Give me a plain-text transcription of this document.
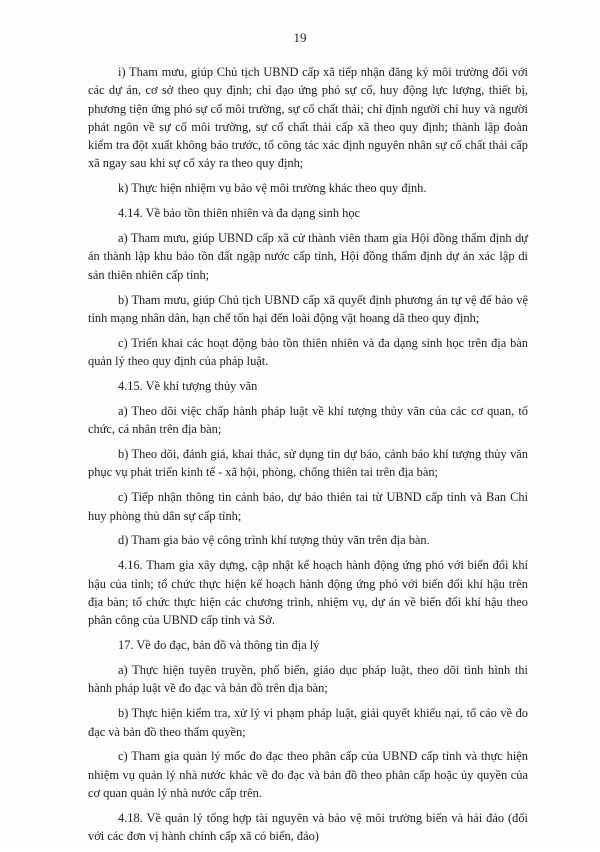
19

i) Tham mưu, giúp Chủ tịch UBND cấp xã tiếp nhận đăng ký môi trường đối với các dự án, cơ sở theo quy định; chỉ đạo ứng phó sự cố, huy động lực lượng, thiết bị, phương tiện ứng phó sự cố môi trường, sự cố chất thải; chỉ định người chỉ huy và người phát ngôn về sự cố môi trường, sự cố chất thải cấp xã theo quy định; thành lập đoàn kiểm tra đột xuất không báo trước, tổ công tác xác định nguyên nhân sự cố chất thải cấp xã ngay sau khi sự cố xảy ra theo quy định;

k) Thực hiện nhiệm vụ bảo vệ môi trường khác theo quy định.

4.14. Về bảo tồn thiên nhiên và đa dạng sinh học

a) Tham mưu, giúp UBND cấp xã cử thành viên tham gia Hội đồng thẩm định dự án thành lập khu bảo tồn đất ngập nước cấp tỉnh, Hội đồng thẩm định dự án xác lập di sản thiên nhiên cấp tỉnh;

b) Tham mưu, giúp Chủ tịch UBND cấp xã quyết định phương án tự vệ để bảo vệ tính mạng nhân dân, hạn chế tổn hại đến loài động vật hoang dã theo quy định;

c) Triển khai các hoạt động bảo tồn thiên nhiên và đa dạng sinh học trên địa bàn quản lý theo quy định của pháp luật.

4.15. Về khí tượng thủy văn

a) Theo dõi việc chấp hành pháp luật về khí tượng thủy văn của các cơ quan, tổ chức, cá nhân trên địa bàn;

b) Theo dõi, đánh giá, khai thác, sử dụng tin dự báo, cảnh báo khí tượng thủy văn phục vụ phát triển kinh tế - xã hội, phòng, chống thiên tai trên địa bàn;

c) Tiếp nhận thông tin cảnh báo, dự báo thiên tai từ UBND cấp tỉnh và Ban Chỉ huy phòng thủ dân sự cấp tỉnh;

d) Tham gia bảo vệ công trình khí tượng thủy văn trên địa bàn.

4.16. Tham gia xây dựng, cập nhật kế hoạch hành động ứng phó với biến đổi khí hậu của tỉnh; tổ chức thực hiện kế hoạch hành động ứng phó với biến đổi khí hậu trên địa bàn; tổ chức thực hiện các chương trình, nhiệm vụ, dự án về biến đổi khí hậu theo phân công của UBND cấp tỉnh và Sở.

17. Về đo đạc, bản đồ và thông tin địa lý

a) Thực hiện tuyên truyền, phổ biến, giáo dục pháp luật, theo dõi tình hình thi hành pháp luật về đo đạc và bản đồ trên địa bàn;

b) Thực hiện kiểm tra, xử lý vi phạm pháp luật, giải quyết khiếu nại, tố cáo về đo đạc và bản đồ theo thẩm quyền;

c) Tham gia quản lý mốc đo đạc theo phân cấp của UBND cấp tỉnh và thực hiện nhiệm vụ quản lý nhà nước khác về đo đạc và bản đồ theo phân cấp hoặc ủy quyền của cơ quan quản lý nhà nước cấp trên.

4.18. Về quản lý tổng hợp tài nguyên và bảo vệ môi trường biển và hải đảo (đối với các đơn vị hành chính cấp xã có biển, đảo)
